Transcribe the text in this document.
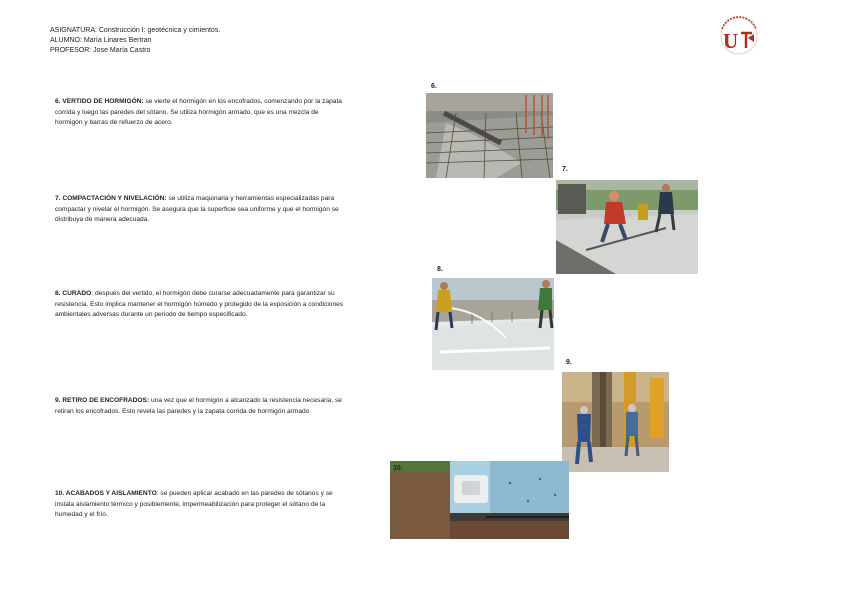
ASIGNATURA: Construcción I: geotécnica y cimientos.
ALUMNO: María Linares Bertran
PROFESOR: Jose María Castro	U
6. VERTIDO DE HORMIGÓN: se vierte el hormigón en los encofrados, comenzando por la zapata corrida y luego las paredes del sótano. Se utiliza hormigón armado, que es una mezcla de hormigón y barras de refuerzo de acero.
7. COMPACTACIÓN Y NIVELACIÓN: se utiliza maquinaria y herramientas especializadas para compactar y nivelar el hormigón. Se asegura que la superficie sea uniforme y que el hormigón se distribuya de manera adecuada.
8. CURADO: después del vertido, el hormigón debe curarse adecuadamente para garantizar su resistencia. Esto implica mantener el hormigón húmedo y protegido de la exposición a condiciones ambientales adversas durante un periodo de tiempo especificado.
9. RETIRO DE ENCOFRADOS: una vez que el hormigón a alcanzado la resistencia necesaria, se retiran los encofrados. Esto revela las paredes y la zapata corrida de hormigón armado
10. ACABADOS Y AISLAMIENTO: se pueden aplicar acabado en las paredes de sótanos y se instala aislamiento térmico y posiblemente, impermeabilización para proteger el sótano de la humedad y el frío.
6.
7.
8.
9.
10.
